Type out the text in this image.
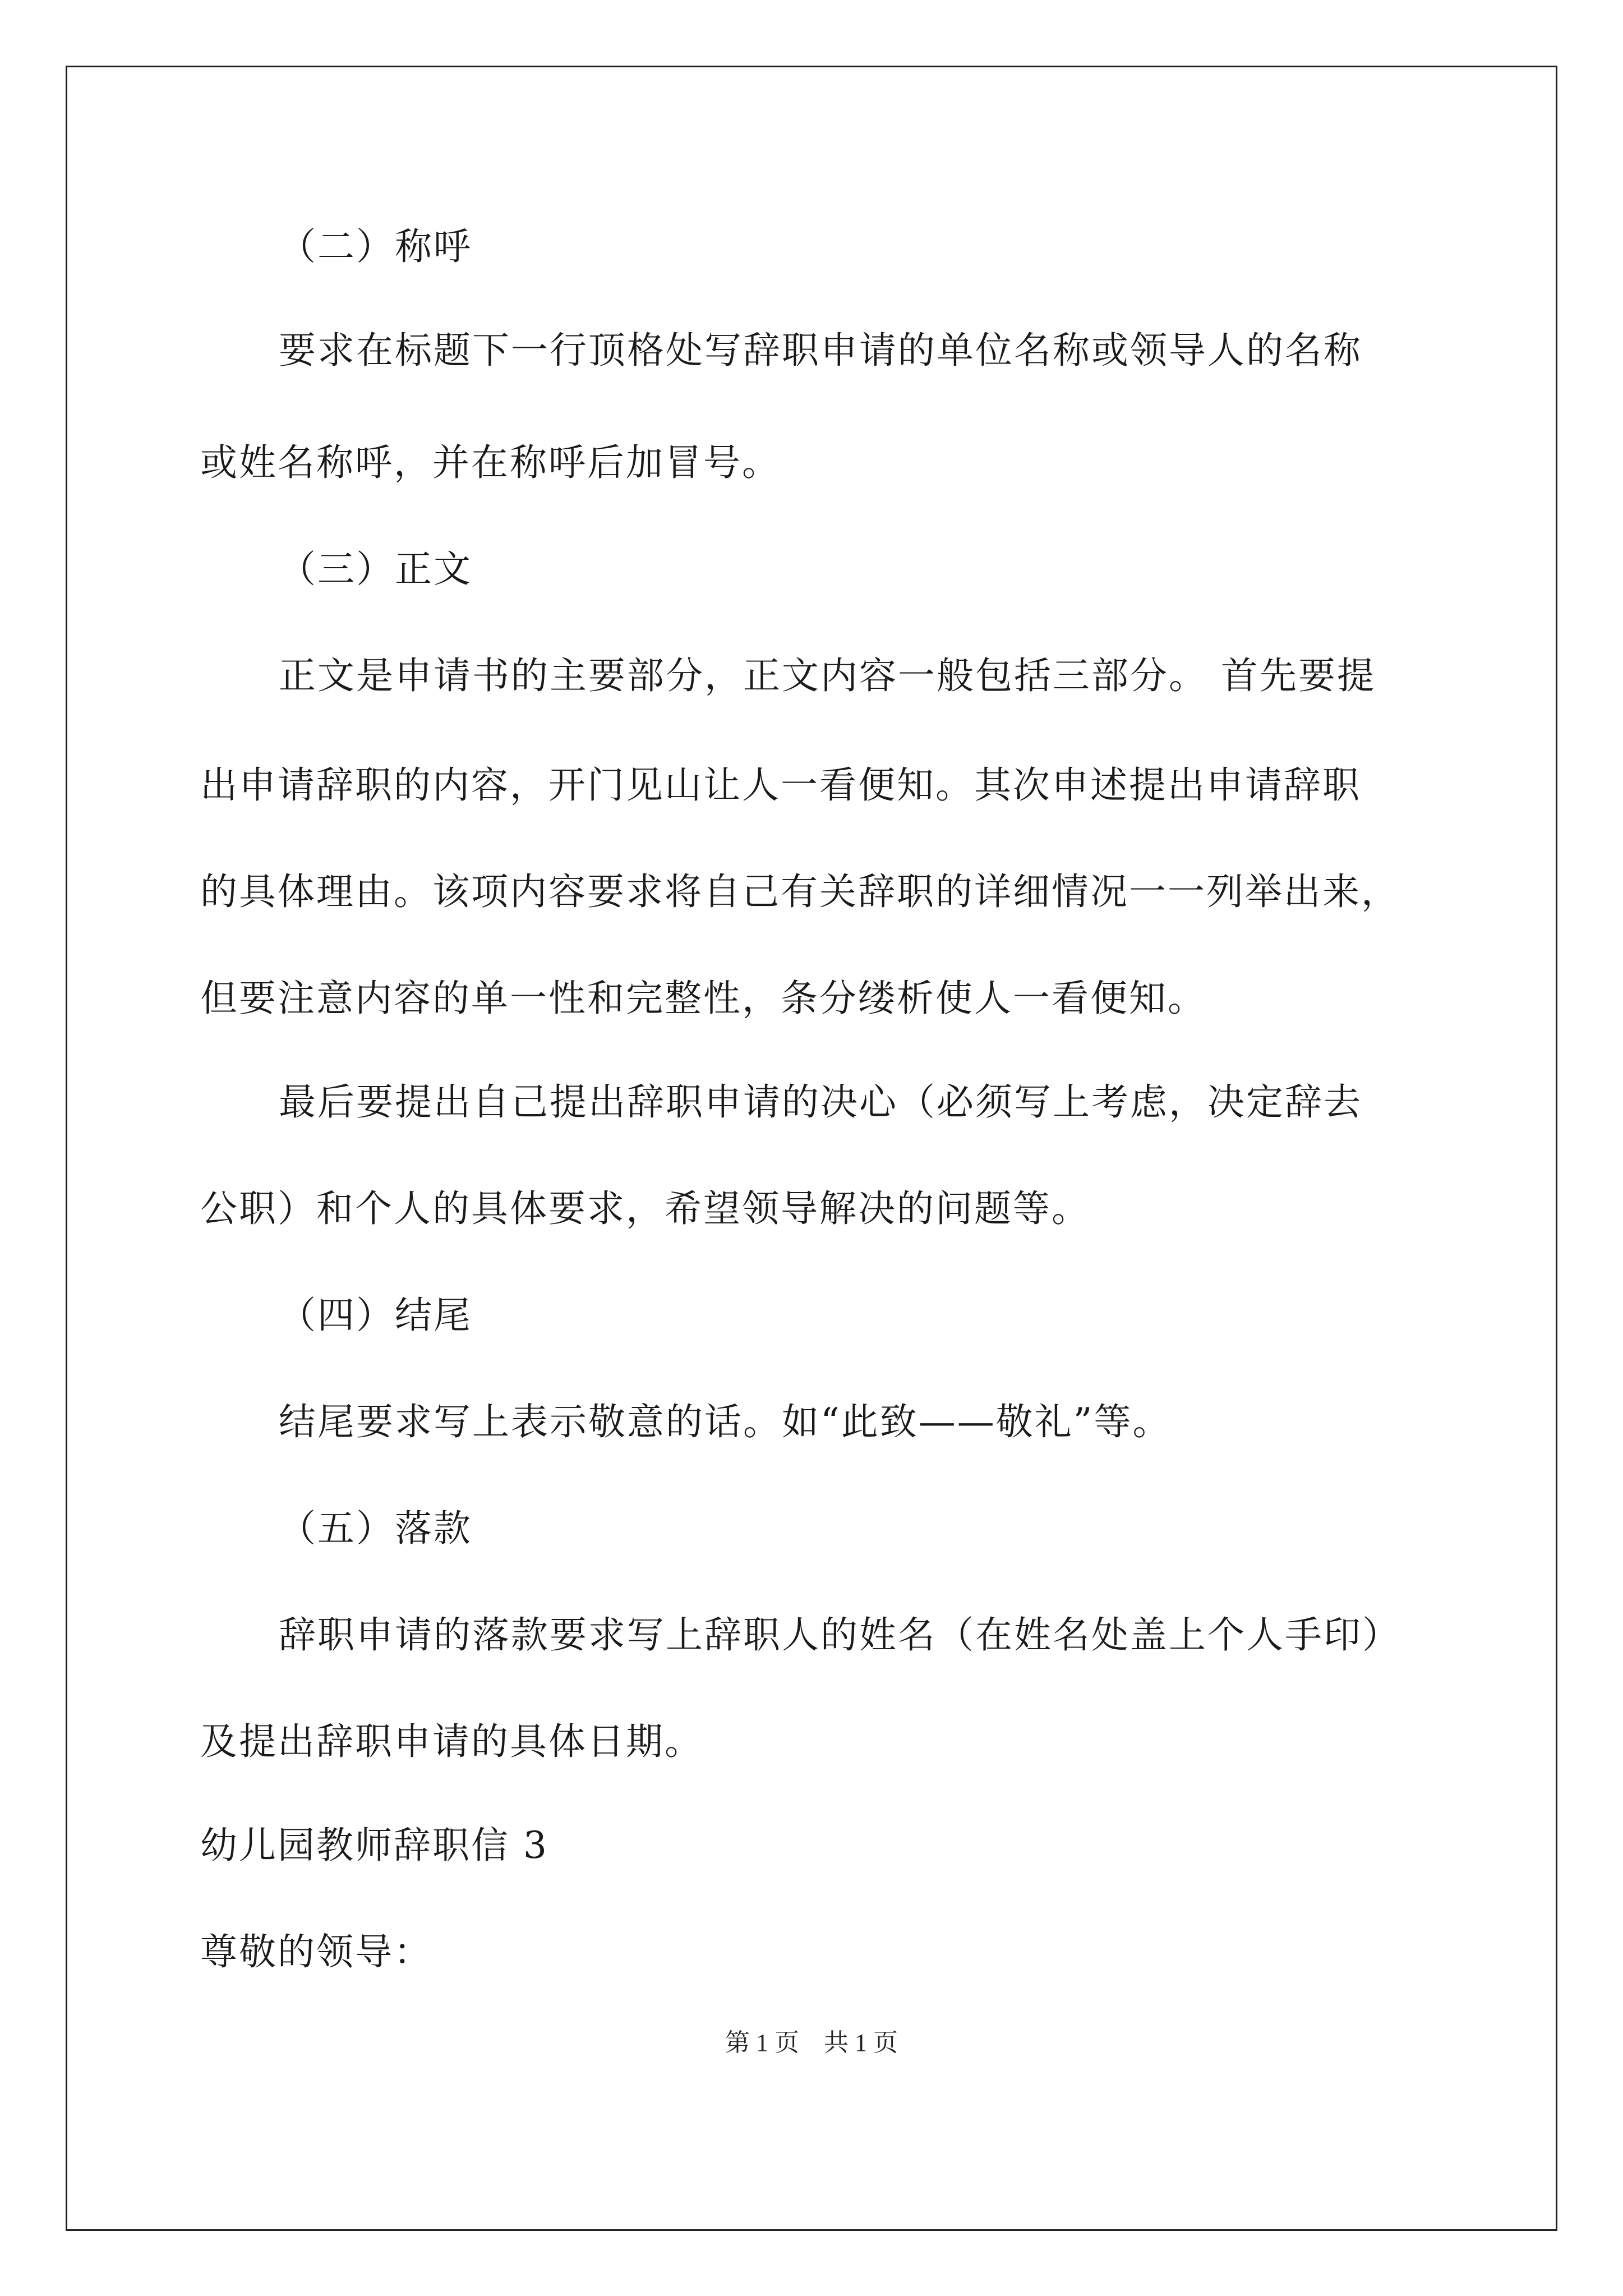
（二）称呼
要求在标题下一行顶格处写辞职申请的单位名称或领导人的名称
或姓名称呼，并在称呼后加冒号。
（三）正文
正文是申请书的主要部分，正文内容一般包括三部分。 首先要提
出申请辞职的内容，开门见山让人一看便知。其次申述提出申请辞职
的具体理由。该项内容要求将自己有关辞职的详细情况一一列举出来，
但要注意内容的单一性和完整性，条分缕析使人一看便知。
最后要提出自己提出辞职申请的决心（必须写上考虑，决定辞去
公职）和个人的具体要求，希望领导解决的问题等。
（四）结尾
结尾要求写上表示敬意的话。如“此致——敬礼”等。
（五）落款
辞职申请的落款要求写上辞职人的姓名（在姓名处盖上个人手印）
及提出辞职申请的具体日期。
幼儿园教师辞职信 3
尊敬的领导：
第 1 页    共 1 页
